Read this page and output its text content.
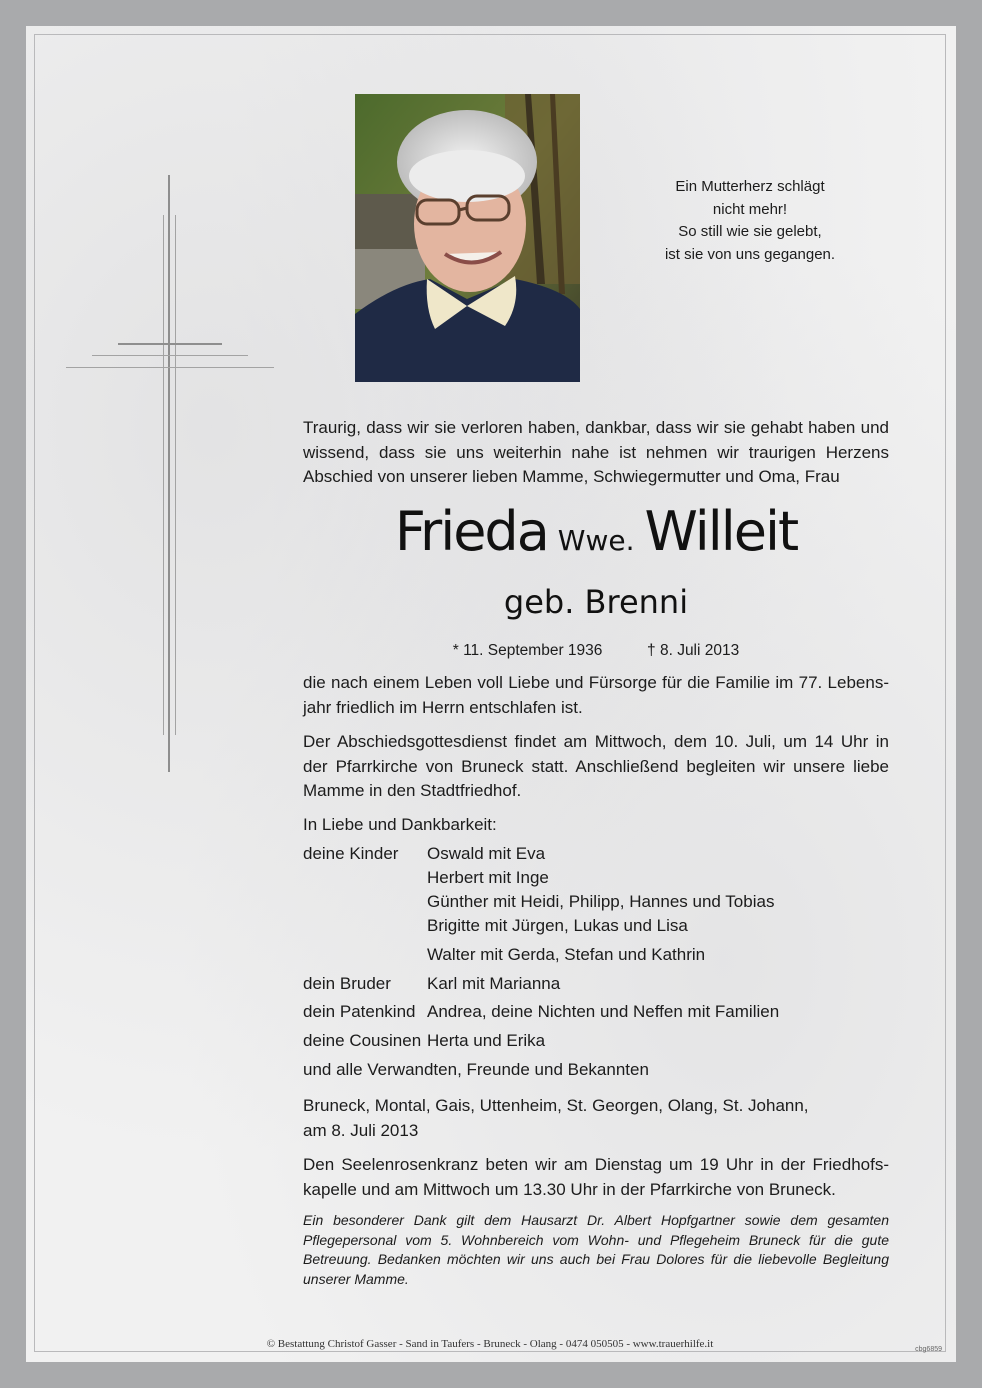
Ein Mutterherz schlägt
nicht mehr!
So still wie sie gelebt,
ist sie von uns gegangen.
Traurig, dass wir sie verloren haben, dankbar, dass wir sie gehabt haben und
wissend, dass sie uns weiterhin nahe ist nehmen wir traurigen Herzens
Abschied von unserer lieben Mamme, Schwiegermutter und Oma, Frau
Frieda Wwe. Willeit
geb. Brenni
* 11. September 1936	† 8. Juli 2013
die nach einem Leben voll Liebe und Fürsorge für die Familie im 77. Lebens-
jahr friedlich im Herrn entschlafen ist.
Der Abschiedsgottesdienst findet am Mittwoch, dem 10. Juli, um 14 Uhr in
der Pfarrkirche von Bruneck statt. Anschließend begleiten wir unsere liebe
Mamme in den Stadtfriedhof.
In Liebe und Dankbarkeit:
deine Kinder Oswald mit Eva
Herbert mit Inge
Günther mit Heidi, Philipp, Hannes und Tobias
Brigitte mit Jürgen, Lukas und Lisa
Walter mit Gerda, Stefan und Kathrin
dein Bruder Karl mit Marianna
dein Patenkind Andrea, deine Nichten und Neffen mit Familien
deine Cousinen Herta und Erika
und alle Verwandten, Freunde und Bekannten
Bruneck, Montal, Gais, Uttenheim, St. Georgen, Olang, St. Johann,
am 8. Juli 2013
Den Seelenrosenkranz beten wir am Dienstag um 19 Uhr in der Friedhofs-
kapelle und am Mittwoch um 13.30 Uhr in der Pfarrkirche von Bruneck.
Ein besonderer Dank gilt dem Hausarzt Dr. Albert Hopfgartner sowie dem gesamten
Pflegepersonal vom 5. Wohnbereich vom Wohn- und Pflegeheim Bruneck für die gute
Betreuung. Bedanken möchten wir uns auch bei Frau Dolores für die liebevolle Begleitung
unserer Mamme.
© Bestattung Christof Gasser - Sand in Taufers - Bruneck - Olang - 0474 050505 - www.trauerhilfe.it	cbg6859
